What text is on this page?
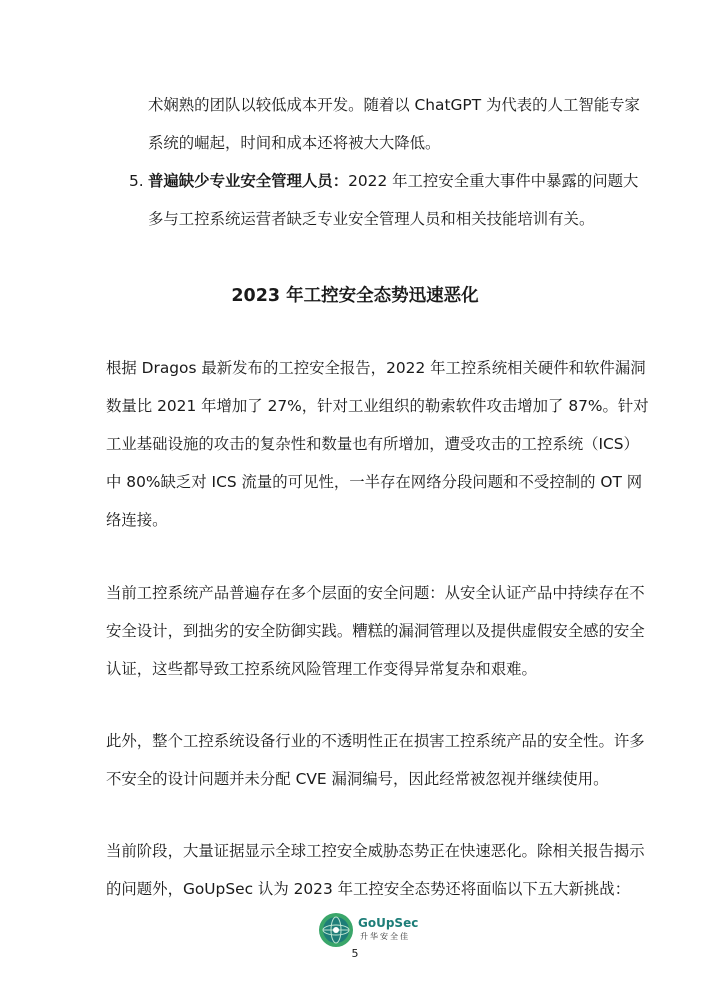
术娴熟的团队以较低成本开发。随着以 ChatGPT 为代表的人工智能专家

系统的崛起，时间和成本还将被大大降低。

5. 普遍缺少专业安全管理人员：2022 年工控安全重大事件中暴露的问题大

多与工控系统运营者缺乏专业安全管理人员和相关技能培训有关。

2023 年工控安全态势迅速恶化

根据 Dragos 最新发布的工控安全报告，2022 年工控系统相关硬件和软件漏洞

数量比 2021 年增加了 27%，针对工业组织的勒索软件攻击增加了 87%。针对

工业基础设施的攻击的复杂性和数量也有所增加，遭受攻击的工控系统（ICS）

中 80%缺乏对 ICS 流量的可见性，一半存在网络分段问题和不受控制的 OT 网

络连接。

当前工控系统产品普遍存在多个层面的安全问题：从安全认证产品中持续存在不

安全设计，到拙劣的安全防御实践。糟糕的漏洞管理以及提供虚假安全感的安全

认证，这些都导致工控系统风险管理工作变得异常复杂和艰难。

此外，整个工控系统设备行业的不透明性正在损害工控系统产品的安全性。许多

不安全的设计问题并未分配 CVE 漏洞编号，因此经常被忽视并继续使用。

当前阶段，大量证据显示全球工控安全威胁态势正在快速恶化。除相关报告揭示

的问题外，GoUpSec 认为 2023 年工控安全态势还将面临以下五大新挑战：

GoUpSec
升华安全佳
5
